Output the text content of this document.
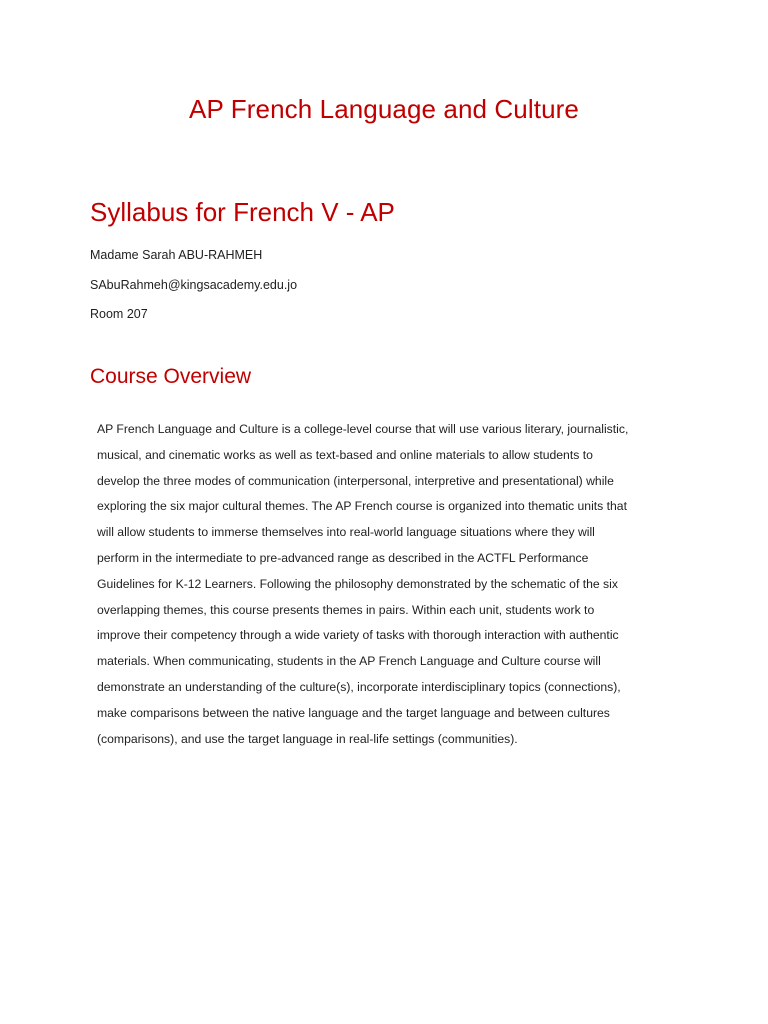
AP French Language and Culture
Syllabus for French V - AP

Madame Sarah ABU-RAHMEH

SAbuRahmeh@kingsacademy.edu.jo

Room 207

Course Overview

AP French Language and Culture is a college-level course that will use various literary, journalistic,
musical, and cinematic works as well as text-based and online materials to allow students to
develop the three modes of communication (interpersonal, interpretive and presentational) while
exploring the six major cultural themes. The AP French course is organized into thematic units that
will allow students to immerse themselves into real-world language situations where they will
perform in the intermediate to pre-advanced range as described in the ACTFL Performance
Guidelines for K-12 Learners. Following the philosophy demonstrated by the schematic of the six
overlapping themes, this course presents themes in pairs. Within each unit, students work to
improve their competency through a wide variety of tasks with thorough interaction with authentic
materials. When communicating, students in the AP French Language and Culture course will
demonstrate an understanding of the culture(s), incorporate interdisciplinary topics (connections),
make comparisons between the native language and the target language and between cultures
(comparisons), and use the target language in real-life settings (communities).
